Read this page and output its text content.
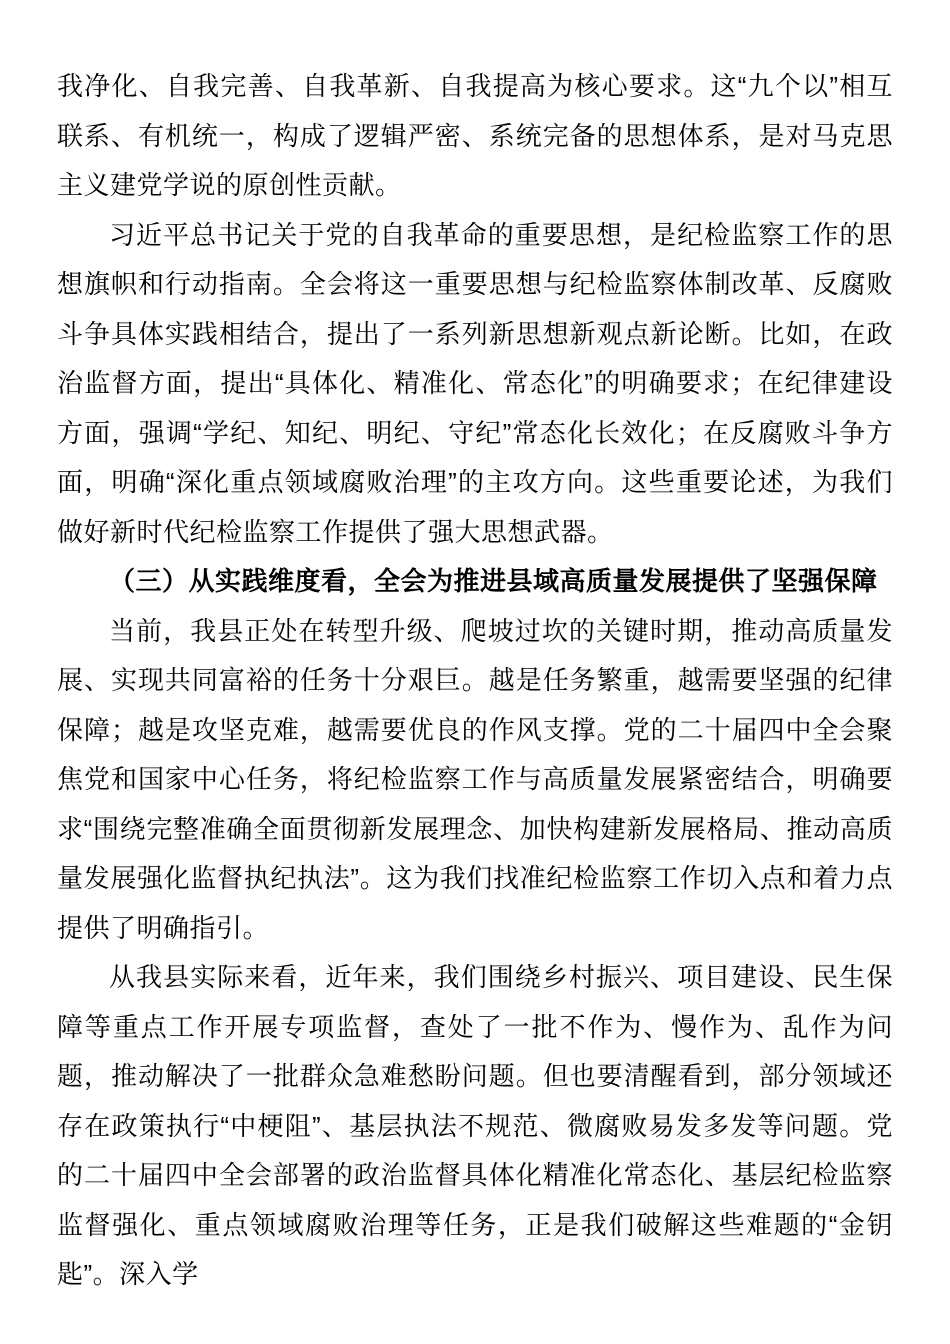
我净化、自我完善、自我革新、自我提高为核心要求。这“九个以”相互联系、有机统一，构成了逻辑严密、系统完备的思想体系，是对马克思主义建党学说的原创性贡献。

习近平总书记关于党的自我革命的重要思想，是纪检监察工作的思想旗帜和行动指南。全会将这一重要思想与纪检监察体制改革、反腐败斗争具体实践相结合，提出了一系列新思想新观点新论断。比如，在政治监督方面，提出“具体化、精准化、常态化”的明确要求；在纪律建设方面，强调“学纪、知纪、明纪、守纪”常态化长效化；在反腐败斗争方面，明确“深化重点领域腐败治理”的主攻方向。这些重要论述，为我们做好新时代纪检监察工作提供了强大思想武器。

（三）从实践维度看，全会为推进县域高质量发展提供了坚强保障

当前，我县正处在转型升级、爬坡过坎的关键时期，推动高质量发展、实现共同富裕的任务十分艰巨。越是任务繁重，越需要坚强的纪律保障；越是攻坚克难，越需要优良的作风支撑。党的二十届四中全会聚焦党和国家中心任务，将纪检监察工作与高质量发展紧密结合，明确要求“围绕完整准确全面贯彻新发展理念、加快构建新发展格局、推动高质量发展强化监督执纪执法”。这为我们找准纪检监察工作切入点和着力点提供了明确指引。

从我县实际来看，近年来，我们围绕乡村振兴、项目建设、民生保障等重点工作开展专项监督，查处了一批不作为、慢作为、乱作为问题，推动解决了一批群众急难愁盼问题。但也要清醒看到，部分领域还存在政策执行“中梗阻”、基层执法不规范、微腐败易发多发等问题。党的二十届四中全会部署的政治监督具体化精准化常态化、基层纪检监察监督强化、重点领域腐败治理等任务，正是我们破解这些难题的“金钥匙”。深入学
